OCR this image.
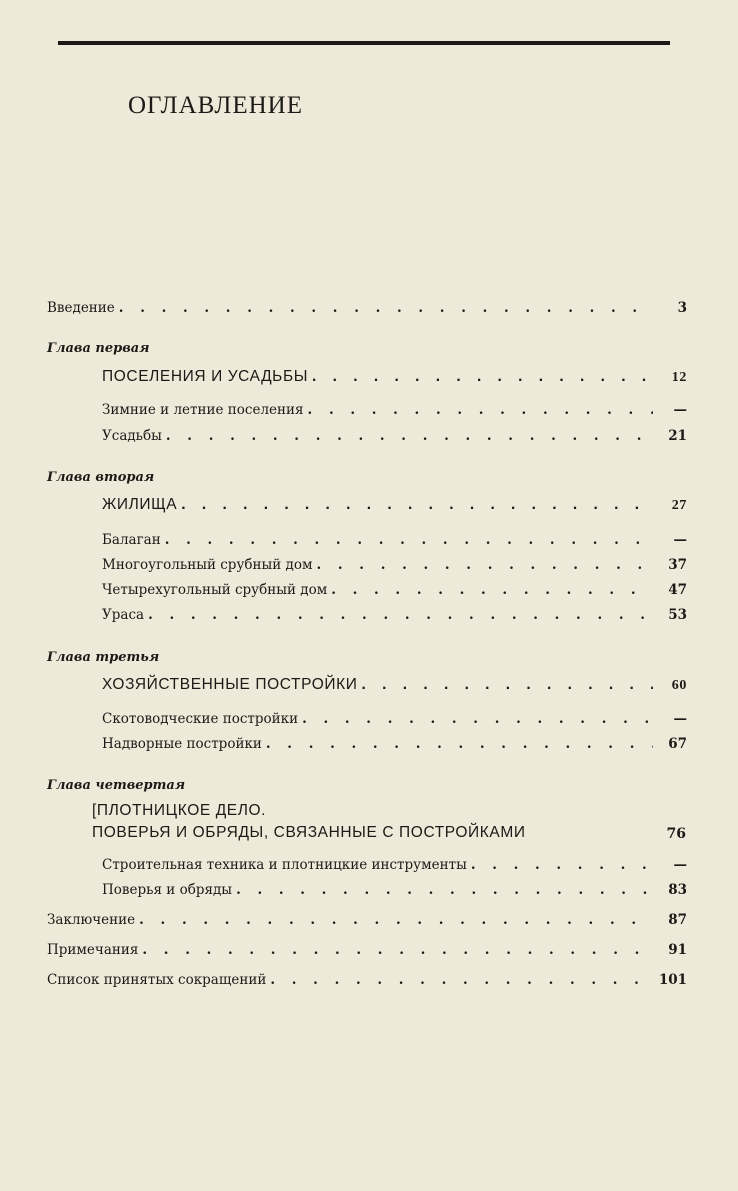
ОГЛАВЛЕНИЕ
Введение . . .	3
Глава первая
ПОСЕЛЕНИЯ И УСАДЬБЫ . . .	12
Зимние и летние поселения . . .	—
Усадьбы . . .	21
Глава вторая
ЖИЛИЩА . . .	27
Балаган . . .	—
Многоугольный срубный дом . . .	37
Четырехугольный срубный дом . . .	47
Ураса . . .	53
Глава третья
ХОЗЯЙСТВЕННЫЕ ПОСТРОЙКИ . . .	60
Скотоводческие постройки . . .	—
Надворные постройки . . .	67
Глава четвертая
[ПЛОТНИЦКОЕ ДЕЛО.
ПОВЕРЬЯ И ОБРЯДЫ, СВЯЗАННЫЕ С ПОСТРОЙКАМИ	76
Строительная техника и плотницкие инструменты . . .	—
Поверья и обряды . . .	83
Заключение . . .	87
Примечания . . .	91
Список принятых сокращений . . .	101
